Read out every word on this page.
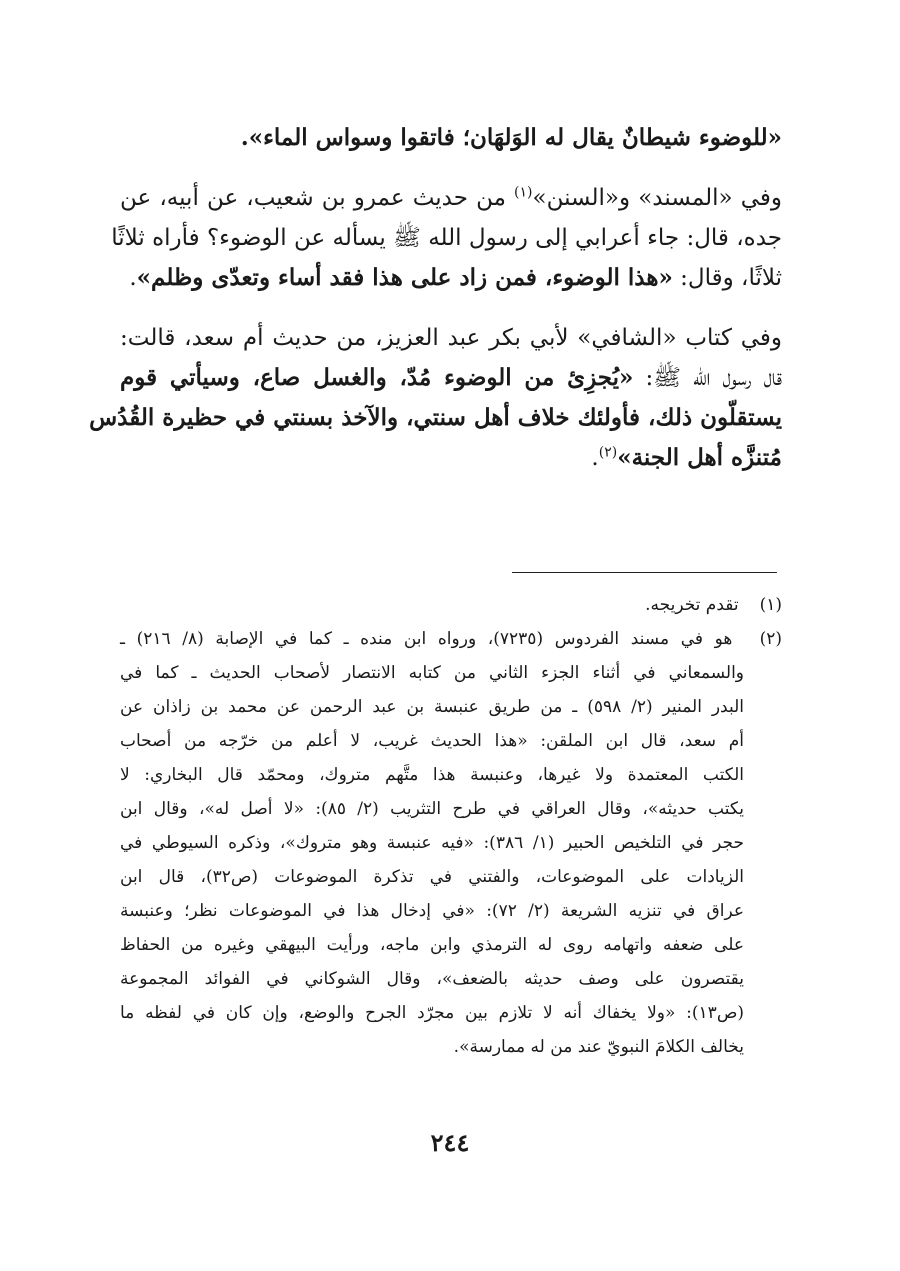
«للوضوء شيطانٌ يقال له الوَلهَان؛ فاتقوا وسواس الماء».
وفي «المسند» و«السنن»$^{(١)}$ من حديث عمرو بن شعيب، عن أبيه، عن
جده، قال: جاء أعرابي إلى رسول الله ﷺ يسأله عن الوضوء؟ فأراه ثلاثًا
ثلاثًا، وقال: «هذا الوضوء، فمن زاد على هذا فقد أساء وتعدّى وظلم».
وفي كتاب «الشافي» لأبي بكر عبد العزيز، من حديث أم سعد، قالت:
قال رسول الله ﷺ: «يُجزِئ من الوضوء مُدّ، والغسل صاع، وسيأتي قوم
يستقلّون ذلك، فأولئك خلاف أهل سنتي، والآخذ بسنتي في حظيرة القُدُس
مُتنزَّه أهل الجنة»$^{(٢)}$.
(١) تقدم تخريجه.
(٢) هو في مسند الفردوس (٧٢٣٥)، ورواه ابن منده ـ كما في الإصابة (٨/ ٢١٦) ـ
والسمعاني في أثناء الجزء الثاني من كتابه الانتصار لأصحاب الحديث ـ كما في
البدر المنير (٢/ ٥٩٨) ـ من طريق عنبسة بن عبد الرحمن عن محمد بن زاذان عن
أم سعد، قال ابن الملقن: «هذا الحديث غريب، لا أعلم من خرّجه من أصحاب
الكتب المعتمدة ولا غيرها، وعنبسة هذا متَّهم متروك، ومحمّد قال البخاري: لا
يكتب حديثه»، وقال العراقي في طرح التثريب (٢/ ٨٥): «لا أصل له»، وقال ابن
حجر في التلخيص الحبير (١/ ٣٨٦): «فيه عنبسة وهو متروك»، وذكره السيوطي في
الزيادات على الموضوعات، والفتني في تذكرة الموضوعات (ص٣٢)، قال ابن
عراق في تنزيه الشريعة (٢/ ٧٢): «في إدخال هذا في الموضوعات نظر؛ وعنبسة
على ضعفه واتهامه روى له الترمذي وابن ماجه، ورأيت البيهقي وغيره من الحفاظ
يقتصرون على وصف حديثه بالضعف»، وقال الشوكاني في الفوائد المجموعة
(ص١٣): «ولا يخفاك أنه لا تلازم بين مجرّد الجرح والوضع، وإن كان في لفظه ما
يخالف الكلامَ النبويّ عند من له ممارسة».
٢٤٤
